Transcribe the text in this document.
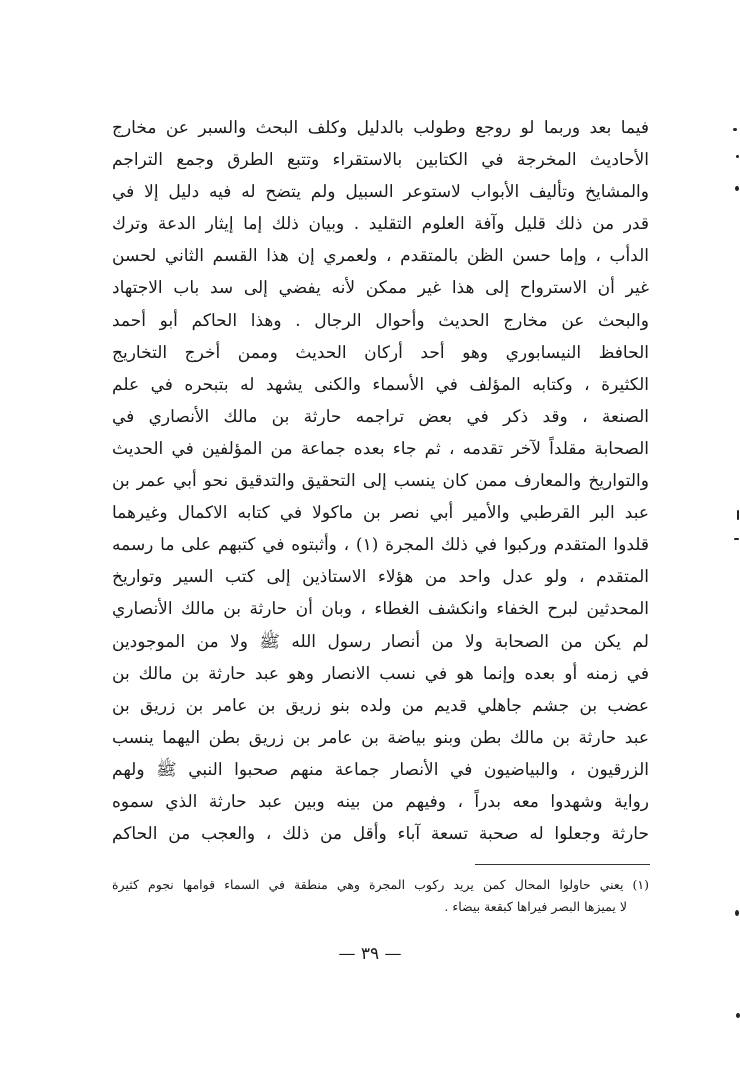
فيما بعد وربما لو روجع وطولب بالدليل وكلف البحث والسبر عن مخارج
الأحاديث المخرجة في الكتابين بالاستقراء وتتبع الطرق وجمع التراجم
والمشايخ وتأليف الأبواب لاستوعر السبيل ولم يتضح له فيه دليل إلا في
قدر من ذلك قليل وآفة العلوم التقليد . وبيان ذلك إما إيثار الدعة وترك
الدأب ، وإما حسن الظن بالمتقدم ، ولعمري إن هذا القسم الثاني لحسن
غير أن الاسترواح إلى هذا غير ممكن لأنه يفضي إلى سد باب الاجتهاد
والبحث عن مخارج الحديث وأحوال الرجال . وهذا الحاكم أبو أحمد
الحافظ النيسابوري وهو أحد أركان الحديث وممن أخرج التخاريج
الكثيرة ، وكتابه المؤلف في الأسماء والكنى يشهد له بتبحره في علم
الصنعة ، وقد ذكر في بعض تراجمه حارثة بن مالك الأنصاري في
الصحابة مقلداً لآخر تقدمه ، ثم جاء بعده جماعة من المؤلفين في الحديث
والتواريخ والمعارف ممن كان ينسب إلى التحقيق والتدقيق نحو أبي عمر بن
عبد البر القرطبي والأمير أبي نصر بن ماكولا في كتابه الاكمال وغيرهما
قلدوا المتقدم وركبوا في ذلك المجرة (١) ، وأثبتوه في كتبهم على ما رسمه
المتقدم ، ولو عدل واحد من هؤلاء الاستاذين إلى كتب السير وتواريخ
المحدثين لبرح الخفاء وانكشف الغطاء ، وبان أن حارثة بن مالك الأنصاري
لم يكن من الصحابة ولا من أنصار رسول الله ﷺ ولا من الموجودين
في زمنه أو بعده وإنما هو في نسب الانصار وهو عبد حارثة بن مالك بن
عضب بن جشم جاهلي قديم من ولده بنو زريق بن عامر بن زريق بن
عبد حارثة بن مالك بطن وبنو بياضة بن عامر بن زريق بطن اليهما ينسب
الزرقيون ، والبياضيون في الأنصار جماعة منهم صحبوا النبي ﷺ ولهم
رواية وشهدوا معه بدراً ، وفيهم من بينه وبين عبد حارثة الذي سموه
حارثة وجعلوا له صحبة تسعة آباء وأقل من ذلك ، والعجب من الحاكم
(١) يعني حاولوا المحال كمن يريد ركوب المجرة وهي منطقة في السماء قوامها نجوم كثيرة
لا يميزها البصر فيراها كبقعة بيضاء .
— ٣٩ —
